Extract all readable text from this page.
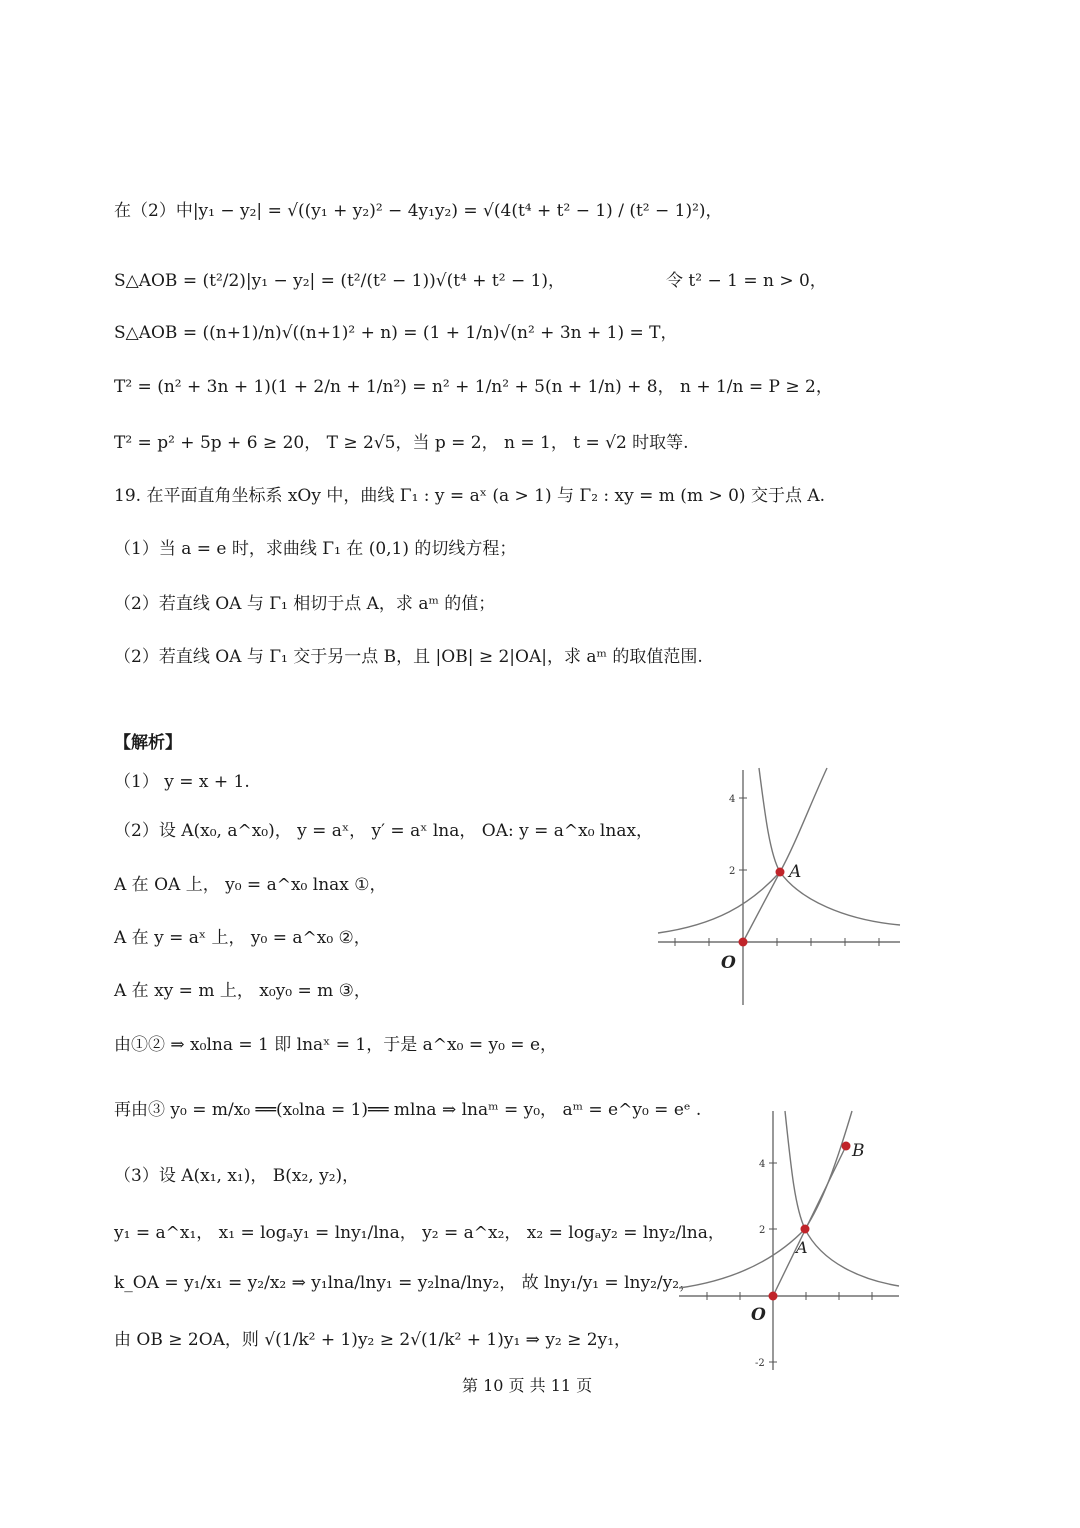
在（2）中|y₁ − y₂| = √((y₁ + y₂)² − 4y₁y₂) = √(4(t⁴ + t² − 1) / (t² − 1)²)，
S△AOB = (t²/2)|y₁ − y₂| = (t²/(t² − 1))√(t⁴ + t² − 1)，	令 t² − 1 = n > 0，
S△AOB = ((n+1)/n)√((n+1)² + n) = (1 + 1/n)√(n² + 3n + 1) = T，
T² = (n² + 3n + 1)(1 + 2/n + 1/n²) = n² + 1/n² + 5(n + 1/n) + 8， n + 1/n = P ≥ 2，
T² = p² + 5p + 6 ≥ 20， T ≥ 2√5，当 p = 2， n = 1， t = √2 时取等.
19. 在平面直角坐标系 xOy 中，曲线 Γ₁ : y = aˣ (a > 1) 与 Γ₂ : xy = m (m > 0) 交于点 A.
（1）当 a = e 时，求曲线 Γ₁ 在 (0,1) 的切线方程；
（2）若直线 OA 与 Γ₁ 相切于点 A，求 aᵐ 的值；
（2）若直线 OA 与 Γ₁ 交于另一点 B，且 |OB| ≥ 2|OA|，求 aᵐ 的取值范围.
【解析】
（1） y = x + 1.
（2）设 A(x₀, a^x₀)， y = aˣ， y′ = aˣ lna， OA: y = a^x₀ lnax，
A 在 OA 上， y₀ = a^x₀ lnax ①，
A 在 y = aˣ 上， y₀ = a^x₀ ②，
A 在 xy = m 上， x₀y₀ = m ③，
由①② ⇒ x₀lna = 1 即 lnaˣ = 1，于是 a^x₀ = y₀ = e，
再由③ y₀ = m/x₀ ══(x₀lna = 1)══ mlna ⇒ lnaᵐ = y₀， aᵐ = e^y₀ = eᵉ .
（3）设 A(x₁, x₁)， B(x₂, y₂)，
y₁ = a^x₁， x₁ = logₐy₁ = lny₁/lna， y₂ = a^x₂， x₂ = logₐy₂ = lny₂/lna，
k_OA = y₁/x₁ = y₂/x₂ ⇒ y₁lna/lny₁ = y₂lna/lny₂， 故 lny₁/y₁ = lny₂/y₂，
由 OB ≥ 2OA，则 √(1/k² + 1)y₂ ≥ 2√(1/k² + 1)y₁ ⇒ y₂ ≥ 2y₁，
4
2	A
O
4
2
-2
B
A
O
第 10 页 共 11 页
